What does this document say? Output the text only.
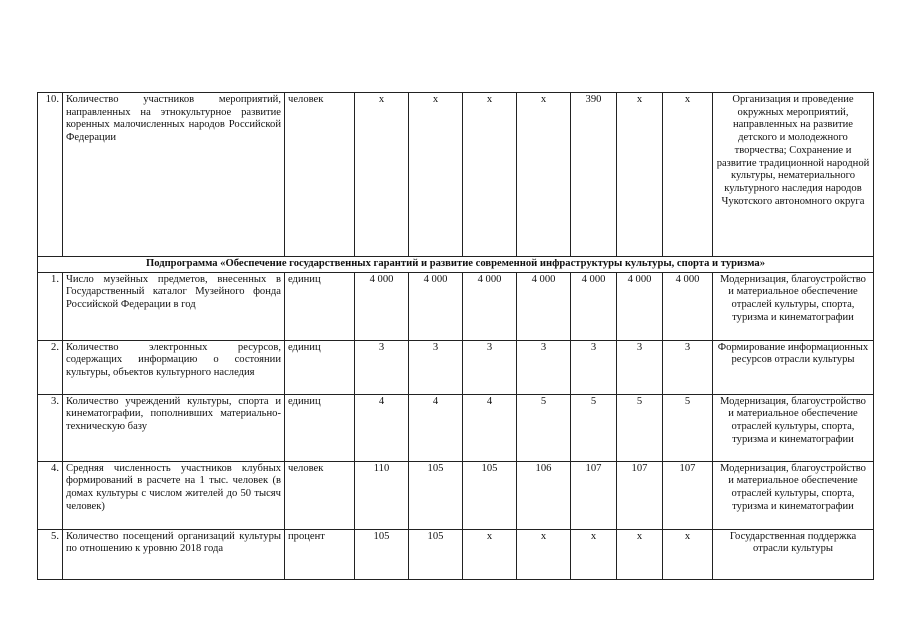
10.	Количество участников мероприятий, направленных на этнокультурное развитие коренных малочисленных народов Российской Федерации	человек	х	х	х	х	390	х	х	Организация и проведение окружных мероприятий, направленных на развитие детского и молодежного творчества; Сохранение и развитие традиционной народной культуры, нематериального культурного наследия народов Чукотского автономного округа
Подпрограмма «Обеспечение государственных гарантий и развитие современной инфраструктуры культуры, спорта и туризма»										
1.	Число музейных предметов, внесенных в Государственный каталог Музейного фонда Российской Федерации в год	единиц	4 000	4 000	4 000	4 000	4 000	4 000	4 000	Модернизация, благоустройство и материальное обеспечение отраслей культуры, спорта, туризма и кинематографии
2.	Количество электронных ресурсов, содержащих информацию о состоянии культуры, объектов культурного наследия	единиц	3	3	3	3	3	3	3	Формирование информационных ресурсов отрасли культуры
3.	Количество учреждений культуры, спорта и кинематографии, пополнивших материально-техническую базу	единиц	4	4	4	5	5	5	5	Модернизация, благоустройство и материальное обеспечение отраслей культуры, спорта, туризма и кинематографии
4.	Средняя численность участников клубных формирований в расчете на 1 тыс. человек (в домах культуры с числом жителей до 50 тысяч человек)	человек	110	105	105	106	107	107	107	Модернизация, благоустройство и материальное обеспечение отраслей культуры, спорта, туризма и кинематографии
5.	Количество посещений организаций культуры по отношению к уровню 2018 года	процент	105	105	х	х	х	х	х	Государственная поддержка отрасли культуры
